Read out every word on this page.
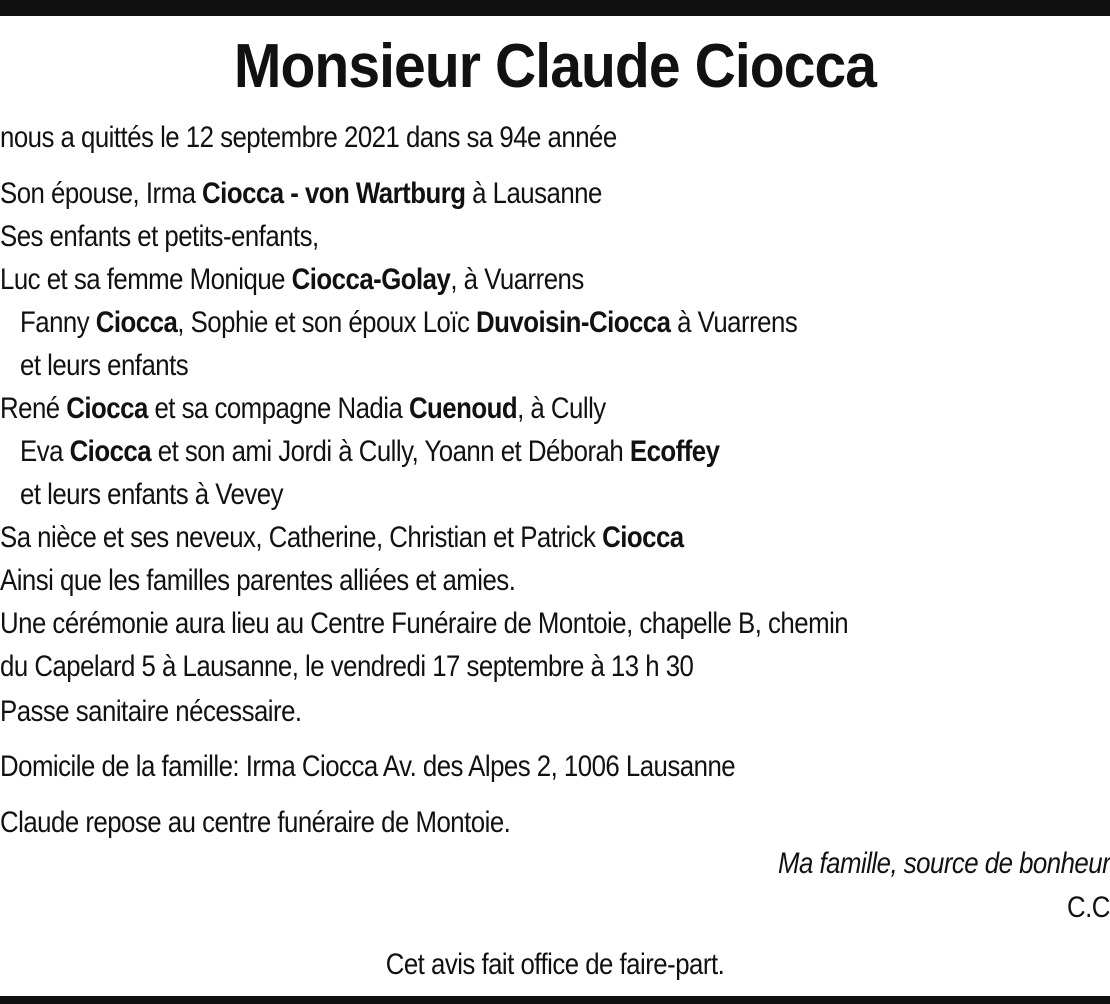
Monsieur Claude Ciocca
nous a quittés le 12 septembre 2021 dans sa 94e année
Son épouse, Irma Ciocca - von Wartburg à Lausanne
Ses enfants et petits-enfants,
Luc et sa femme Monique Ciocca-Golay, à Vuarrens
Fanny Ciocca, Sophie et son époux Loïc Duvoisin-Ciocca à Vuarrens
et leurs enfants
René Ciocca et sa compagne Nadia Cuenoud, à Cully
Eva Ciocca et son ami Jordi à Cully, Yoann et Déborah Ecoffey
et leurs enfants à Vevey
Sa nièce et ses neveux, Catherine, Christian et Patrick Ciocca
Ainsi que les familles parentes alliées et amies.
Une cérémonie aura lieu au Centre Funéraire de Montoie, chapelle B, chemin
du Capelard 5 à Lausanne, le vendredi 17 septembre à 13 h 30
Passe sanitaire nécessaire.
Domicile de la famille: Irma Ciocca Av. des Alpes 2, 1006 Lausanne
Claude repose au centre funéraire de Montoie.
Ma famille, source de bonheur
C.C
Cet avis fait office de faire-part.
